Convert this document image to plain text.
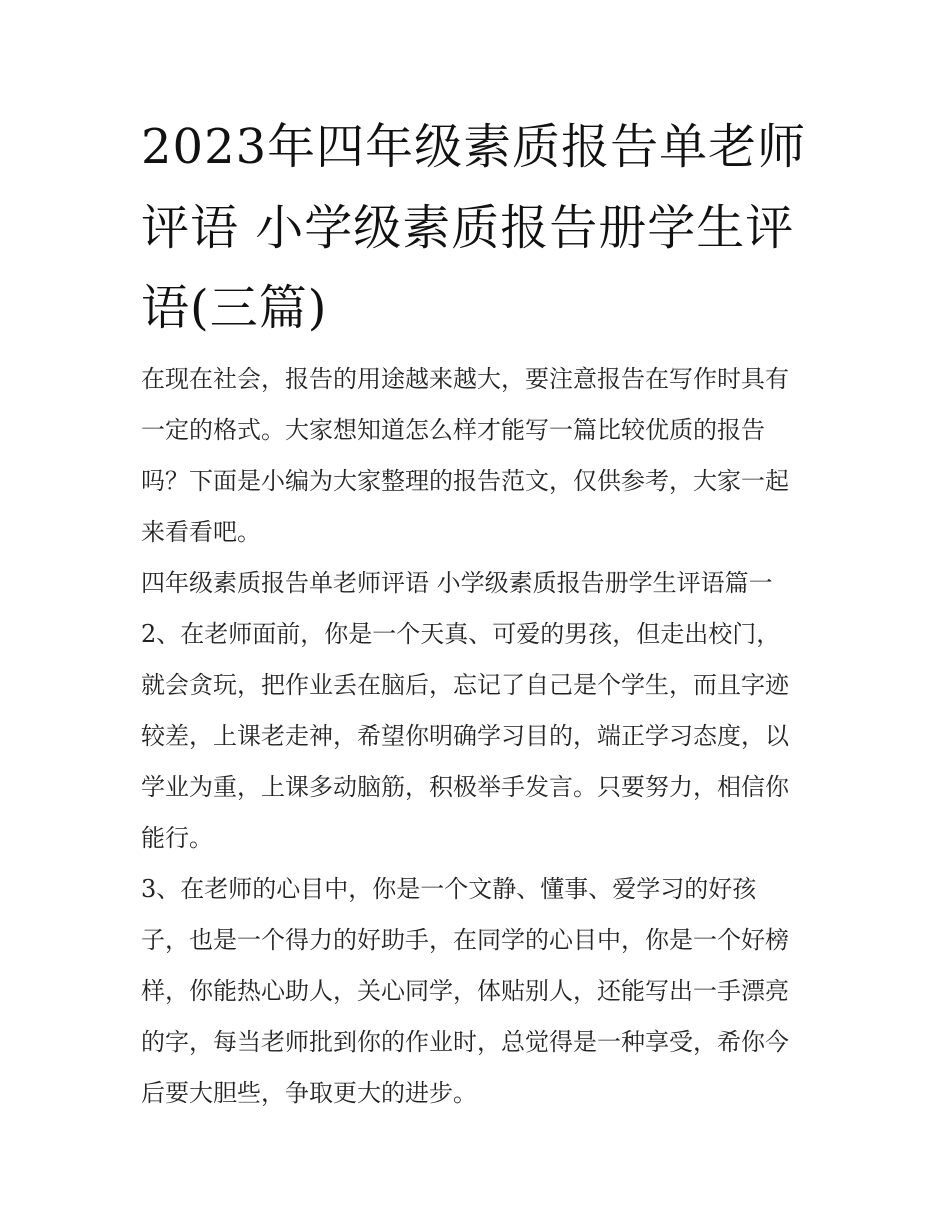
2023年四年级素质报告单老师
评语 小学级素质报告册学生评
语(三篇)
在现在社会，报告的用途越来越大，要注意报告在写作时具有
一定的格式。大家想知道怎么样才能写一篇比较优质的报告
吗？下面是小编为大家整理的报告范文，仅供参考，大家一起
来看看吧。
四年级素质报告单老师评语 小学级素质报告册学生评语篇一
2、在老师面前，你是一个天真、可爱的男孩，但走出校门，
就会贪玩，把作业丢在脑后，忘记了自己是个学生，而且字迹
较差，上课老走神，希望你明确学习目的，端正学习态度，以
学业为重，上课多动脑筋，积极举手发言。只要努力，相信你
能行。
3、在老师的心目中，你是一个文静、懂事、爱学习的好孩
子，也是一个得力的好助手，在同学的心目中，你是一个好榜
样，你能热心助人，关心同学，体贴别人，还能写出一手漂亮
的字，每当老师批到你的作业时，总觉得是一种享受，希你今
后要大胆些，争取更大的进步。
